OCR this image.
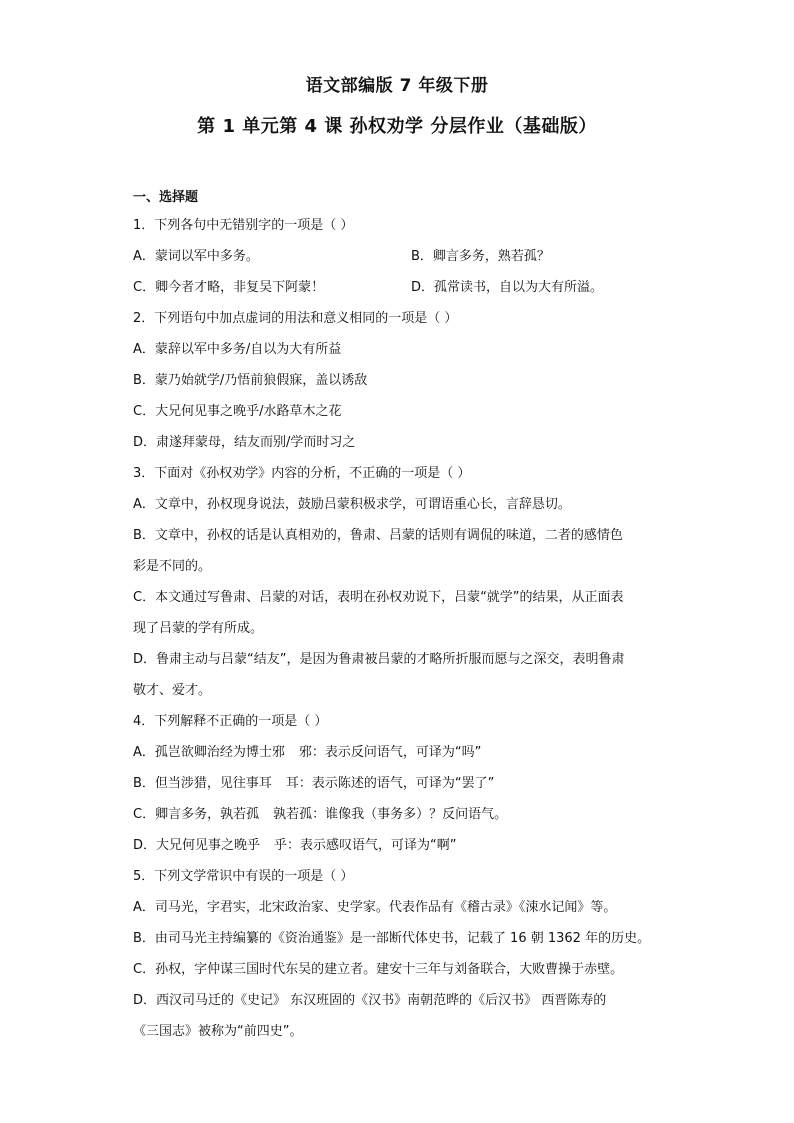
语文部编版 7 年级下册
第 1 单元第 4 课 孙权劝学 分层作业（基础版）
一、选择题
1．下列各句中无错别字的一项是（ ）
A．蒙词以军中多务。	B．卿言多务，熟若孤？
C．卿今者才略，非复吴下阿蒙！	D．孤常读书，自以为大有所溢。
2．下列语句中加点虚词的用法和意义相同的一项是（ ）
A．蒙辞以军中多务/自以为大有所益
B．蒙乃始就学/乃悟前狼假寐，盖以诱敌
C．大兄何见事之晚乎/水路草木之花
D．肃遂拜蒙母，结友而别/学而时习之
3．下面对《孙权劝学》内容的分析，不正确的一项是（ ）
A．文章中，孙权现身说法，鼓励吕蒙积极求学，可谓语重心长，言辞恳切。
B．文章中，孙权的话是认真相劝的，鲁肃、吕蒙的话则有调侃的味道，二者的感情色
彩是不同的。
C．本文通过写鲁肃、吕蒙的对话，表明在孙权劝说下，吕蒙“就学”的结果，从正面表
现了吕蒙的学有所成。
D．鲁肃主动与吕蒙“结友”，是因为鲁肃被吕蒙的才略所折服而愿与之深交，表明鲁肃
敬才、爱才。
4．下列解释不正确的一项是（ ）
A．孤岂欲卿治经为博士邪 邪：表示反问语气，可译为“吗”
B．但当涉猎，见往事耳 耳：表示陈述的语气，可译为“罢了”
C．卿言多务，孰若孤 孰若孤：谁像我（事务多）？反问语气。
D．大兄何见事之晚乎 乎：表示感叹语气，可译为“啊”
5．下列文学常识中有误的一项是（ ）
A．司马光，字君实，北宋政治家、史学家。代表作品有《稽古录》《涑水记闻》等。
B．由司马光主持编纂的《资治通鉴》是一部断代体史书，记载了 16 朝 1362 年的历史。
C．孙权，字仲谋三国时代东吴的建立者。建安十三年与刘备联合，大败曹操于赤壁。
D．西汉司马迁的《史记》 东汉班固的《汉书》南朝范晔的《后汉书》 西晋陈寿的
《三国志》被称为“前四史”。
